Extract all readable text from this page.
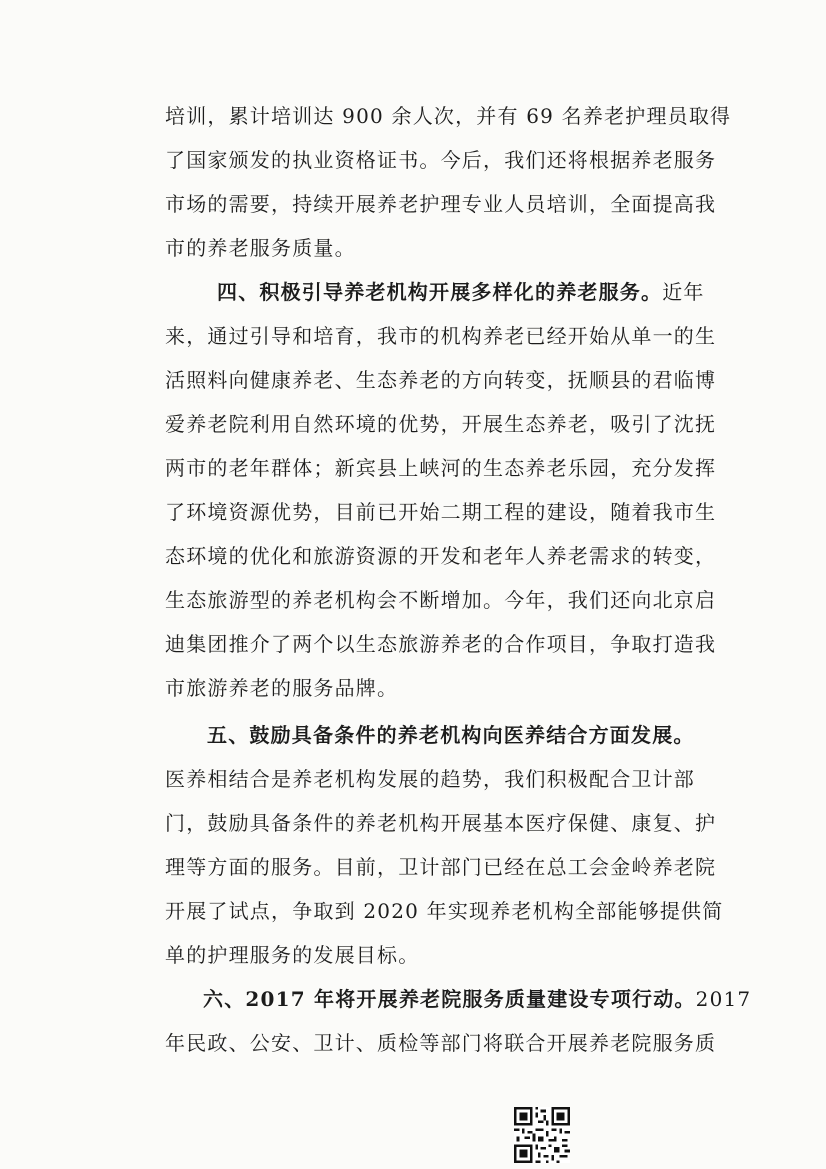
培训，累计培训达 900 余人次，并有 69 名养老护理员取得
了国家颁发的执业资格证书。今后，我们还将根据养老服务
市场的需要，持续开展养老护理专业人员培训，全面提高我
市的养老服务质量。
四、积极引导养老机构开展多样化的养老服务。近年
来，通过引导和培育，我市的机构养老已经开始从单一的生
活照料向健康养老、生态养老的方向转变，抚顺县的君临博
爱养老院利用自然环境的优势，开展生态养老，吸引了沈抚
两市的老年群体；新宾县上峡河的生态养老乐园，充分发挥
了环境资源优势，目前已开始二期工程的建设，随着我市生
态环境的优化和旅游资源的开发和老年人养老需求的转变，
生态旅游型的养老机构会不断增加。今年，我们还向北京启
迪集团推介了两个以生态旅游养老的合作项目，争取打造我
市旅游养老的服务品牌。
五、鼓励具备条件的养老机构向医养结合方面发展。
医养相结合是养老机构发展的趋势，我们积极配合卫计部
门，鼓励具备条件的养老机构开展基本医疗保健、康复、护
理等方面的服务。目前，卫计部门已经在总工会金岭养老院
开展了试点，争取到 2020 年实现养老机构全部能够提供简
单的护理服务的发展目标。
六、2017 年将开展养老院服务质量建设专项行动。2017
年民政、公安、卫计、质检等部门将联合开展养老院服务质
